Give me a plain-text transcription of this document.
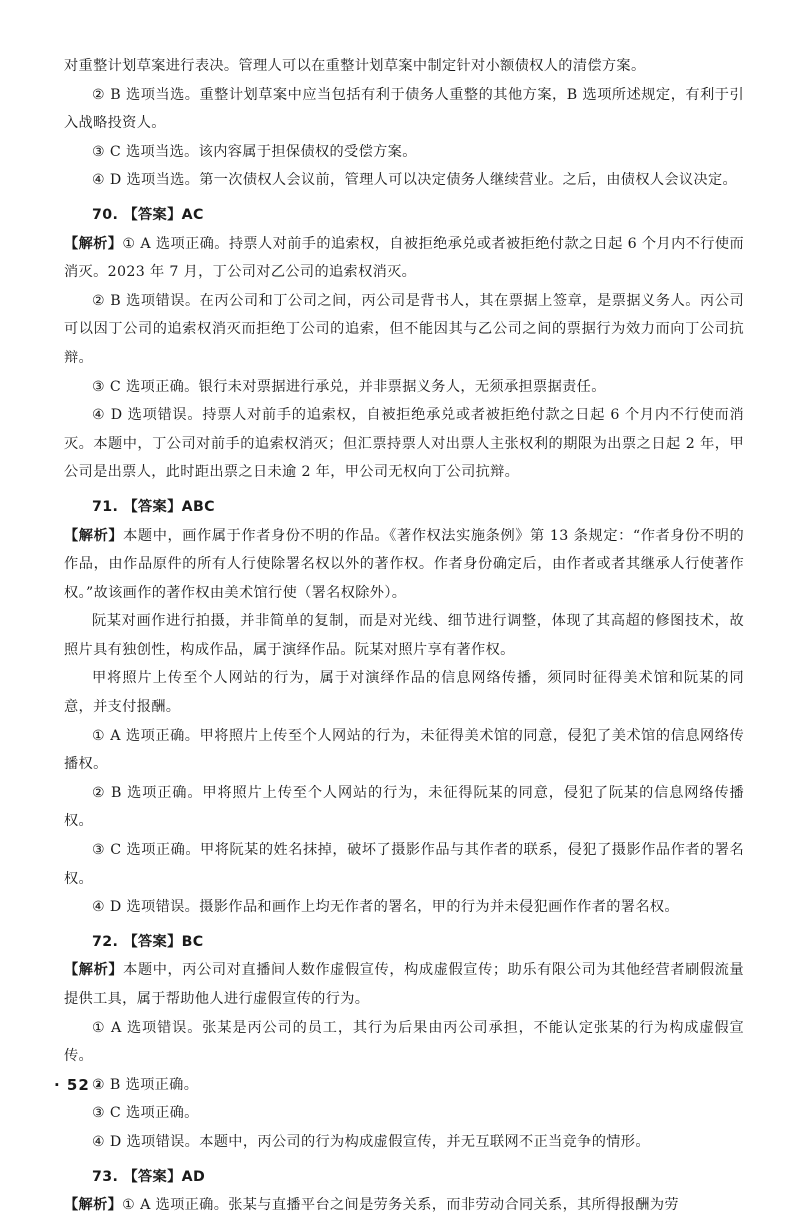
对重整计划草案进行表决。管理人可以在重整计划草案中制定针对小额债权人的清偿方案。

② B 选项当选。重整计划草案中应当包括有利于债务人重整的其他方案，B 选项所述规定，有利于引入战略投资人。

③ C 选项当选。该内容属于担保债权的受偿方案。

④ D 选项当选。第一次债权人会议前，管理人可以决定债务人继续营业。之后，由债权人会议决定。

70. 【答案】AC

【解析】① A 选项正确。持票人对前手的追索权，自被拒绝承兑或者被拒绝付款之日起 6 个月内不行使而消灭。2023 年 7 月，丁公司对乙公司的追索权消灭。

② B 选项错误。在丙公司和丁公司之间，丙公司是背书人，其在票据上签章，是票据义务人。丙公司可以因丁公司的追索权消灭而拒绝丁公司的追索，但不能因其与乙公司之间的票据行为效力而向丁公司抗辩。

③ C 选项正确。银行未对票据进行承兑，并非票据义务人，无须承担票据责任。

④ D 选项错误。持票人对前手的追索权，自被拒绝承兑或者被拒绝付款之日起 6 个月内不行使而消灭。本题中，丁公司对前手的追索权消灭；但汇票持票人对出票人主张权利的期限为出票之日起 2 年，甲公司是出票人，此时距出票之日未逾 2 年，甲公司无权向丁公司抗辩。

71. 【答案】ABC

【解析】本题中，画作属于作者身份不明的作品。《著作权法实施条例》第 13 条规定：“作者身份不明的作品，由作品原件的所有人行使除署名权以外的著作权。作者身份确定后，由作者或者其继承人行使著作权。”故该画作的著作权由美术馆行使（署名权除外）。

阮某对画作进行拍摄，并非简单的复制，而是对光线、细节进行调整，体现了其高超的修图技术，故照片具有独创性，构成作品，属于演绎作品。阮某对照片享有著作权。

甲将照片上传至个人网站的行为，属于对演绎作品的信息网络传播，须同时征得美术馆和阮某的同意，并支付报酬。

① A 选项正确。甲将照片上传至个人网站的行为，未征得美术馆的同意，侵犯了美术馆的信息网络传播权。

② B 选项正确。甲将照片上传至个人网站的行为，未征得阮某的同意，侵犯了阮某的信息网络传播权。

③ C 选项正确。甲将阮某的姓名抹掉，破坏了摄影作品与其作者的联系，侵犯了摄影作品作者的署名权。

④ D 选项错误。摄影作品和画作上均无作者的署名，甲的行为并未侵犯画作作者的署名权。

72. 【答案】BC

【解析】本题中，丙公司对直播间人数作虚假宣传，构成虚假宣传；助乐有限公司为其他经营者刷假流量提供工具，属于帮助他人进行虚假宣传的行为。

① A 选项错误。张某是丙公司的员工，其行为后果由丙公司承担，不能认定张某的行为构成虚假宣传。

② B 选项正确。

③ C 选项正确。

④ D 选项错误。本题中，丙公司的行为构成虚假宣传，并无互联网不正当竞争的情形。

73. 【答案】AD

【解析】① A 选项正确。张某与直播平台之间是劳务关系，而非劳动合同关系，其所得报酬为劳

· 52 ·
